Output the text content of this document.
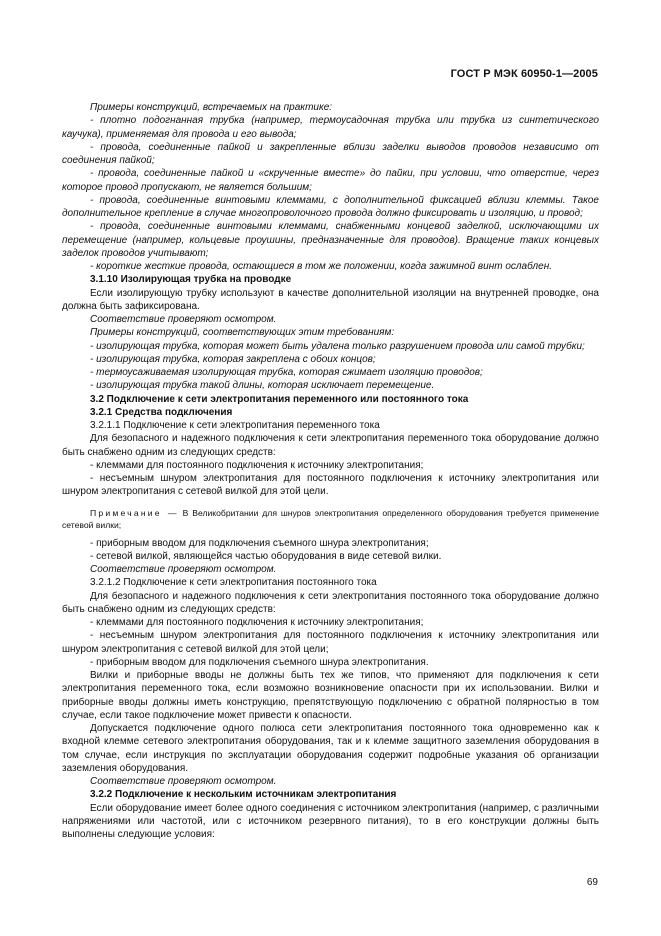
ГОСТ Р МЭК 60950-1—2005

Примеры конструкций, встречаемых на практике:

- плотно подогнанная трубка (например, термоусадочная трубка или трубка из синтетического каучука), применяемая для провода и его вывода;

- провода, соединенные пайкой и закрепленные вблизи заделки выводов проводов независимо от соединения пайкой;

- провода, соединенные пайкой и «скрученные вместе» до пайки, при условии, что отверстие, через которое провод пропускают, не является большим;

- провода, соединенные винтовыми клеммами, с дополнительной фиксацией вблизи клеммы. Такое дополнительное крепление в случае многопроволочного провода должно фиксировать и изоляцию, и провод;

- провода, соединенные винтовыми клеммами, снабженными концевой заделкой, исключающими их перемещение (например, кольцевые проушины, предназначенные для проводов). Вращение таких концевых заделок проводов учитывают;

- короткие жесткие провода, остающиеся в том же положении, когда зажимной винт ослаблен.

3.1.10 Изолирующая трубка на проводке

Если изолирующую трубку используют в качестве дополнительной изоляции на внутренней проводке, она должна быть зафиксирована.

Соответствие проверяют осмотром.

Примеры конструкций, соответствующих этим требованиям:

- изолирующая трубка, которая может быть удалена только разрушением провода или самой трубки;

- изолирующая трубка, которая закреплена с обоих концов;

- термоусаживаемая изолирующая трубка, которая сжимает изоляцию проводов;

- изолирующая трубка такой длины, которая исключает перемещение.

3.2 Подключение к сети электропитания переменного или постоянного тока

3.2.1 Средства подключения

3.2.1.1 Подключение к сети электропитания переменного тока

Для безопасного и надежного подключения к сети электропитания переменного тока оборудование должно быть снабжено одним из следующих средств:

- клеммами для постоянного подключения к источнику электропитания;

- несъемным шнуром электропитания для постоянного подключения к источнику электропитания или шнуром электропитания с сетевой вилкой для этой цели.

Примечание — В Великобритании для шнуров электропитания определенного оборудования требуется применение сетевой вилки;

- приборным вводом для подключения съемного шнура электропитания;

- сетевой вилкой, являющейся частью оборудования в виде сетевой вилки.

Соответствие проверяют осмотром.

3.2.1.2 Подключение к сети электропитания постоянного тока

Для безопасного и надежного подключения к сети электропитания постоянного тока оборудование должно быть снабжено одним из следующих средств:

- клеммами для постоянного подключения к источнику электропитания;

- несъемным шнуром электропитания для постоянного подключения к источнику электропитания или шнуром электропитания с сетевой вилкой для этой цели;

- приборным вводом для подключения съемного шнура электропитания.

Вилки и приборные вводы не должны быть тех же типов, что применяют для подключения к сети электропитания переменного тока, если возможно возникновение опасности при их использовании. Вилки и приборные вводы должны иметь конструкцию, препятствующую подключению с обратной полярностью в том случае, если такое подключение может привести к опасности.

Допускается подключение одного полюса сети электропитания постоянного тока одновременно как к входной клемме сетевого электропитания оборудования, так и к клемме защитного заземления оборудования в том случае, если инструкция по эксплуатации оборудования содержит подробные указания об организации заземления оборудования.

Соответствие проверяют осмотром.

3.2.2 Подключение к нескольким источникам электропитания

Если оборудование имеет более одного соединения с источником электропитания (например, с различными напряжениями или частотой, или с источником резервного питания), то в его конструкции должны быть выполнены следующие условия:

69
